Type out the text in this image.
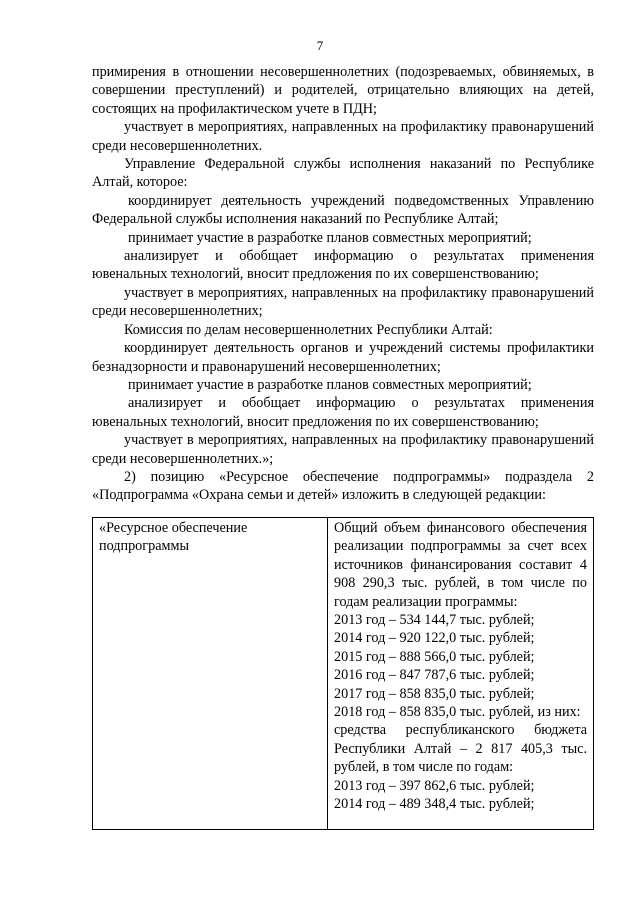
7

примирения в отношении несовершеннолетних (подозреваемых, обвиняемых, в совершении преступлений) и родителей, отрицательно влияющих на детей, состоящих на профилактическом учете в ПДН;

участвует в мероприятиях, направленных на профилактику правонарушений среди несовершеннолетних.

Управление Федеральной службы исполнения наказаний по Республике Алтай, которое:

координирует деятельность учреждений подведомственных Управлению Федеральной службы исполнения наказаний по Республике Алтай;

принимает участие в разработке планов совместных мероприятий;

анализирует и обобщает информацию о результатах применения ювенальных технологий, вносит предложения по их совершенствованию;

участвует в мероприятиях, направленных на профилактику правонарушений среди несовершеннолетних;

Комиссия по делам несовершеннолетних Республики Алтай:

координирует деятельность органов и учреждений системы профилактики безнадзорности и правонарушений несовершеннолетних;

принимает участие в разработке планов совместных мероприятий;

анализирует и обобщает информацию о результатах применения ювенальных технологий, вносит предложения по их совершенствованию;

участвует в мероприятиях, направленных на профилактику правонарушений среди несовершеннолетних.»;

2) позицию «Ресурсное обеспечение подпрограммы» подраздела 2 «Подпрограмма «Охрана семьи и детей» изложить в следующей редакции:

«Ресурсное обеспечение подпрограммы

Общий объем финансового обеспечения реализации подпрограммы за счет всех источников финансирования составит 4 908 290,3 тыс. рублей, в том числе по годам реализации программы:

2013 год – 534 144,7 тыс. рублей;
2014 год – 920 122,0 тыс. рублей;
2015 год – 888 566,0 тыс. рублей;
2016 год – 847 787,6 тыс. рублей;
2017 год – 858 835,0 тыс. рублей;

2018 год – 858 835,0 тыс. рублей, из них:

средства республиканского бюджета Республики Алтай – 2 817 405,3 тыс. рублей, в том числе по годам:

2013 год – 397 862,6 тыс. рублей;
2014 год – 489 348,4 тыс. рублей;
